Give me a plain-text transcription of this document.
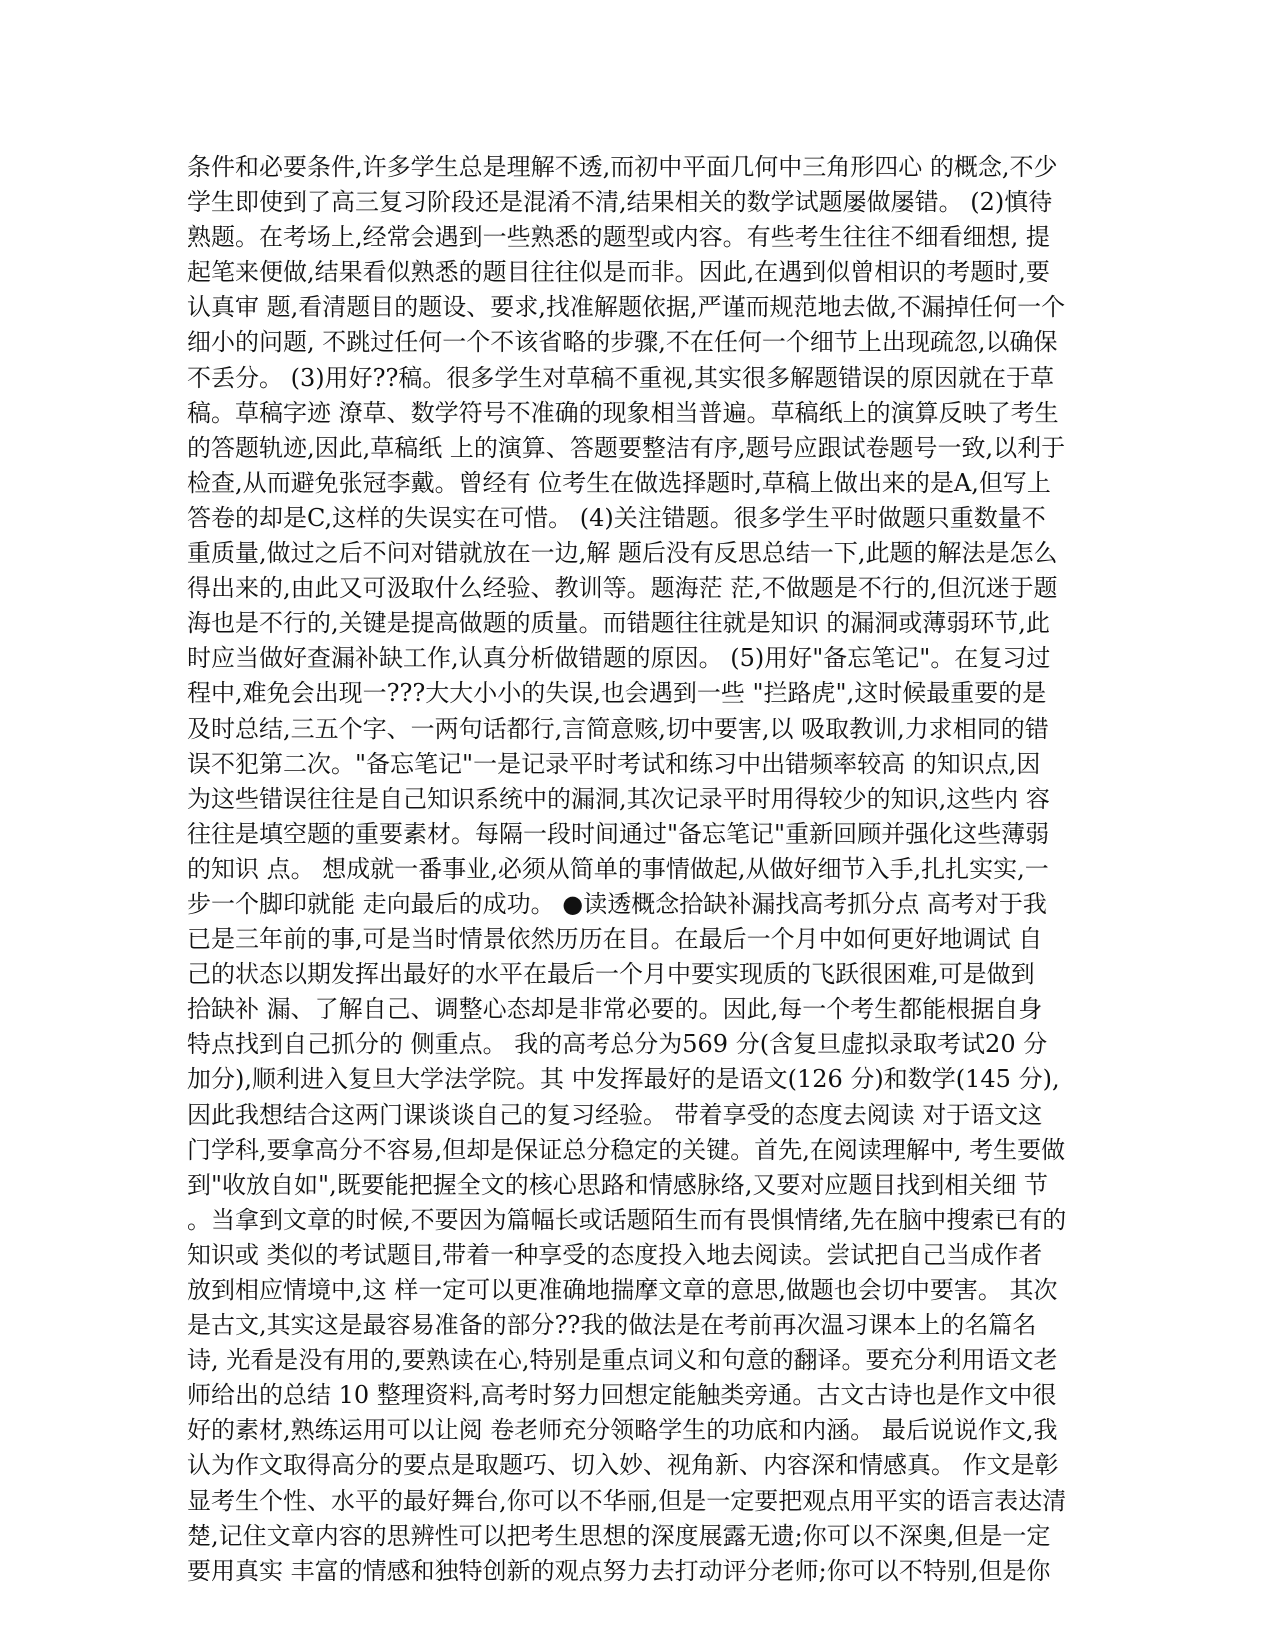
条件和必要条件,许多学生总是理解不透,而初中平面几何中三角形四心 的概念,不少
学生即使到了高三复习阶段还是混淆不清,结果相关的数学试题屡做屡错。 (2)慎待
熟题。在考场上,经常会遇到一些熟悉的题型或内容。有些考生往往不细看细想, 提
起笔来便做,结果看似熟悉的题目往往似是而非。因此,在遇到似曾相识的考题时,要
认真审 题,看清题目的题设、要求,找准解题依据,严谨而规范地去做,不漏掉任何一个
细小的问题, 不跳过任何一个不该省略的步骤,不在任何一个细节上出现疏忽,以确保
不丢分。 (3)用好??稿。很多学生对草稿不重视,其实很多解题错误的原因就在于草
稿。草稿字迹 潦草、数学符号不准确的现象相当普遍。草稿纸上的演算反映了考生
的答题轨迹,因此,草稿纸 上的演算、答题要整洁有序,题号应跟试卷题号一致,以利于
检查,从而避免张冠李戴。曾经有 位考生在做选择题时,草稿上做出来的是A,但写上
答卷的却是C,这样的失误实在可惜。 (4)关注错题。很多学生平时做题只重数量不
重质量,做过之后不问对错就放在一边,解 题后没有反思总结一下,此题的解法是怎么
得出来的,由此又可汲取什么经验、教训等。题海茫 茫,不做题是不行的,但沉迷于题
海也是不行的,关键是提高做题的质量。而错题往往就是知识 的漏洞或薄弱环节,此
时应当做好查漏补缺工作,认真分析做错题的原因。 (5)用好"备忘笔记"。在复习过
程中,难免会出现一???大大小小的失误,也会遇到一些 "拦路虎",这时候最重要的是
及时总结,三五个字、一两句话都行,言简意赅,切中要害,以 吸取教训,力求相同的错
误不犯第二次。"备忘笔记"一是记录平时考试和练习中出错频率较高 的知识点,因
为这些错误往往是自己知识系统中的漏洞,其次记录平时用得较少的知识,这些内 容
往往是填空题的重要素材。每隔一段时间通过"备忘笔记"重新回顾并强化这些薄弱
的知识 点。 想成就一番事业,必须从简单的事情做起,从做好细节入手,扎扎实实,一
步一个脚印就能 走向最后的成功。 ●读透概念拾缺补漏找高考抓分点 高考对于我
已是三年前的事,可是当时情景依然历历在目。在最后一个月中如何更好地调试 自
己的状态以期发挥出最好的水平在最后一个月中要实现质的飞跃很困难,可是做到
拾缺补 漏、了解自己、调整心态却是非常必要的。因此,每一个考生都能根据自身
特点找到自己抓分的 侧重点。 我的高考总分为569 分(含复旦虚拟录取考试20 分
加分),顺利进入复旦大学法学院。其 中发挥最好的是语文(126 分)和数学(145 分),
因此我想结合这两门课谈谈自己的复习经验。 带着享受的态度去阅读 对于语文这
门学科,要拿高分不容易,但却是保证总分稳定的关键。首先,在阅读理解中, 考生要做
到"收放自如",既要能把握全文的核心思路和情感脉络,又要对应题目找到相关细 节
。当拿到文章的时候,不要因为篇幅长或话题陌生而有畏惧情绪,先在脑中搜索已有的
知识或 类似的考试题目,带着一种享受的态度投入地去阅读。尝试把自己当成作者
放到相应情境中,这 样一定可以更准确地揣摩文章的意思,做题也会切中要害。 其次
是古文,其实这是最容易准备的部分??我的做法是在考前再次温习课本上的名篇名
诗, 光看是没有用的,要熟读在心,特别是重点词义和句意的翻译。要充分利用语文老
师给出的总结 10 整理资料,高考时努力回想定能触类旁通。古文古诗也是作文中很
好的素材,熟练运用可以让阅 卷老师充分领略学生的功底和内涵。 最后说说作文,我
认为作文取得高分的要点是取题巧、切入妙、视角新、内容深和情感真。 作文是彰
显考生个性、水平的最好舞台,你可以不华丽,但是一定要把观点用平实的语言表达清
楚,记住文章内容的思辨性可以把考生思想的深度展露无遗;你可以不深奥,但是一定
要用真实 丰富的情感和独特创新的观点努力去打动评分老师;你可以不特别,但是你
